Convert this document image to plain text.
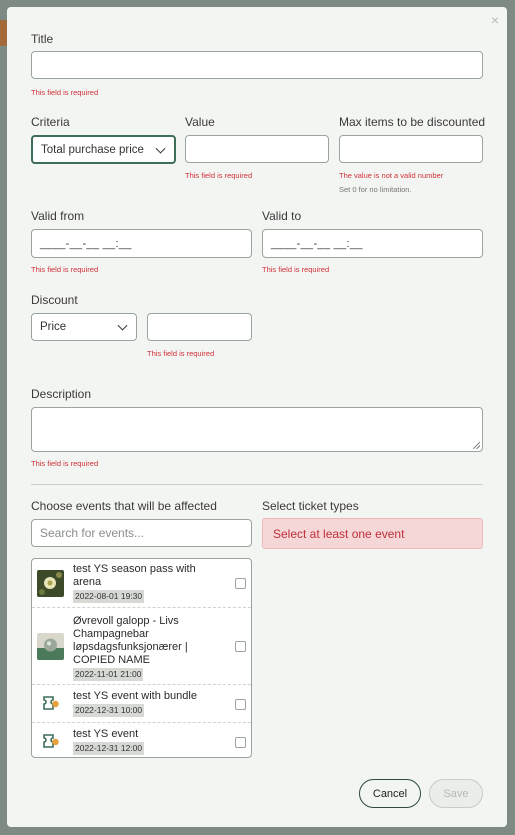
×
Title
This field is required
Criteria
Total purchase price
Value
This field is required
Max items to be discounted
The value is not a valid number
Set 0 for no limitation.
Valid from
____-__-__ __:__
This field is required
Valid to
____-__-__ __:__
This field is required
Discount
Price
This field is required
Description
This field is required
Choose events that will be affected
Search for events...
test YS season pass with arena
2022-08-01 19:30
Øvrevoll galopp - Livs Champagnebar løpsdagsfunksjonærer | COPIED NAME
2022-11-01 21:00
test YS event with bundle
2022-12-31 10:00
test YS event
2022-12-31 12:00
Select ticket types
Select at least one event
Cancel	Save
